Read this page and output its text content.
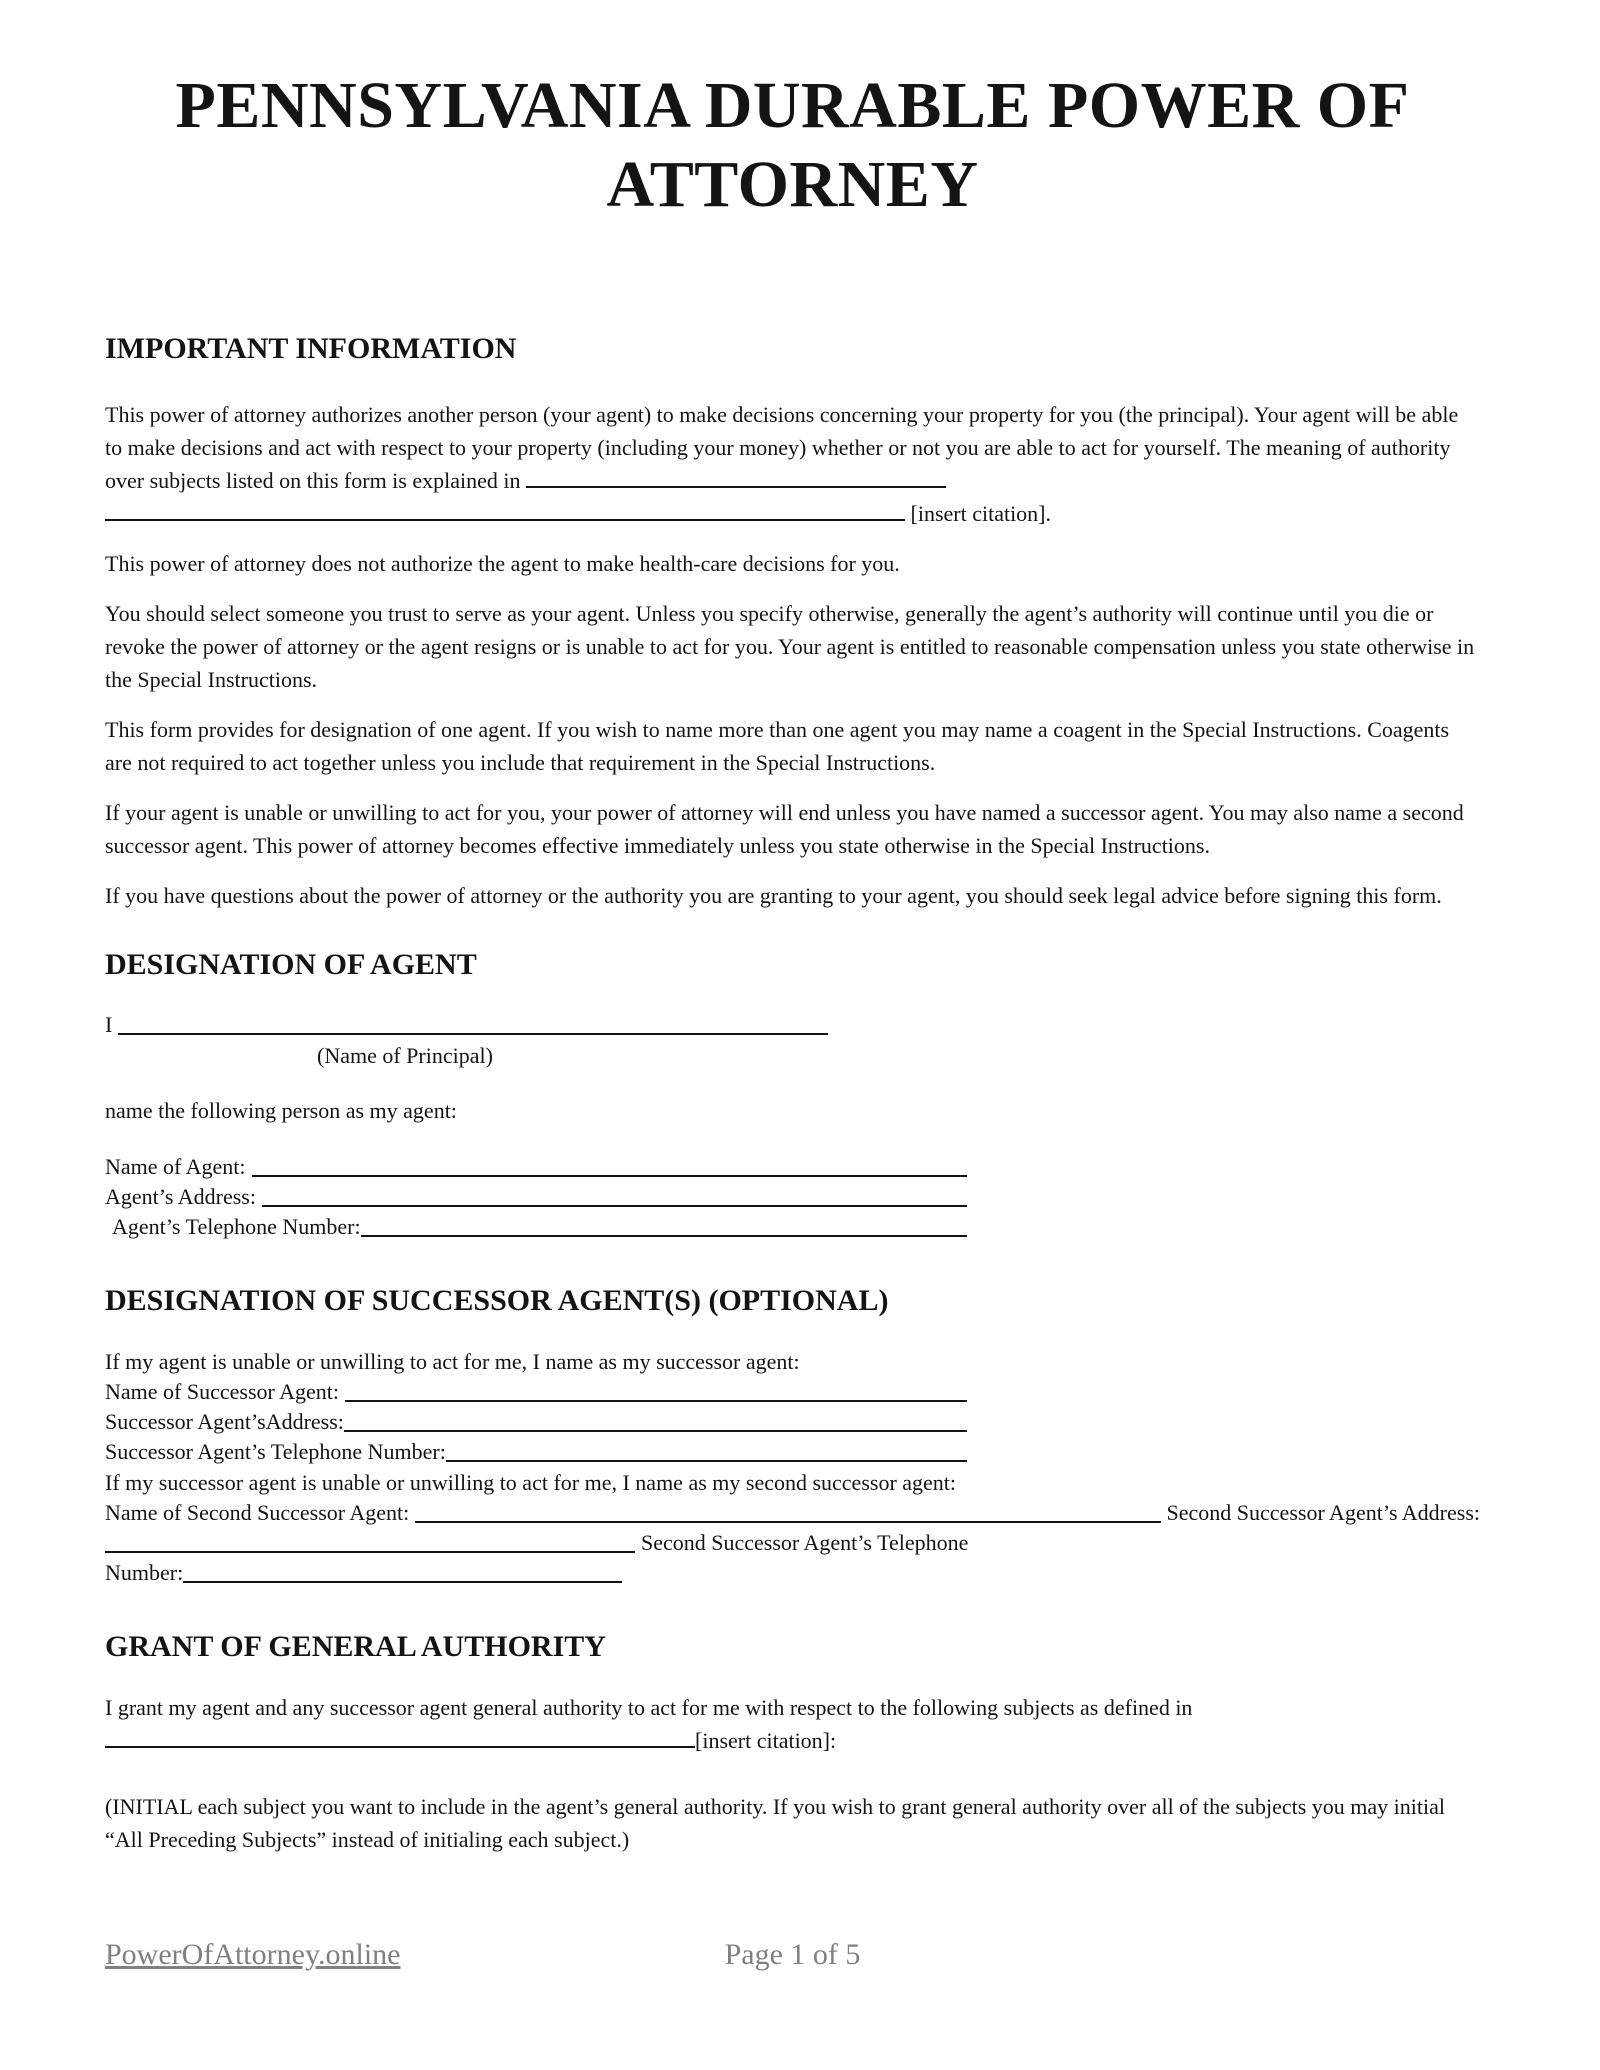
PENNSYLVANIA DURABLE POWER OF ATTORNEY
IMPORTANT INFORMATION

This power of attorney authorizes another person (your agent) to make decisions concerning your property for you (the principal). Your agent will be able to make decisions and act with respect to your property (including your money) whether or not you are able to act for yourself. The meaning of authority over subjects listed on this form is explained in   [insert citation].

This power of attorney does not authorize the agent to make health-care decisions for you.

You should select someone you trust to serve as your agent. Unless you specify otherwise, generally the agent’s authority will continue until you die or revoke the power of attorney or the agent resigns or is unable to act for you. Your agent is entitled to reasonable compensation unless you state otherwise in the Special Instructions.

This form provides for designation of one agent. If you wish to name more than one agent you may name a coagent in the Special Instructions. Coagents are not required to act together unless you include that requirement in the Special Instructions.

If your agent is unable or unwilling to act for you, your power of attorney will end unless you have named a successor agent. You may also name a second successor agent. This power of attorney becomes effective immediately unless you state otherwise in the Special Instructions.

If you have questions about the power of attorney or the authority you are granting to your agent, you should seek legal advice before signing this form.

DESIGNATION OF AGENT
I
(Name of Principal)
name the following person as my agent:
Name of Agent:
Agent’s Address:
Agent’s Telephone Number:
DESIGNATION OF SUCCESSOR AGENT(S) (OPTIONAL)
If my agent is unable or unwilling to act for me, I name as my successor agent:
Name of Successor Agent:
Successor Agent’sAddress:
Successor Agent’s Telephone Number:
If my successor agent is unable or unwilling to act for me, I name as my second successor agent:
Name of Second Successor Agent:	Second Successor Agent’s Address:
Second Successor Agent’s Telephone
Number:
GRANT OF GENERAL AUTHORITY

I grant my agent and any successor agent general authority to act for me with respect to the following subjects as defined in [insert citation]:

(INITIAL each subject you want to include in the agent’s general authority. If you wish to grant general authority over all of the subjects you may initial “All Preceding Subjects” instead of initialing each subject.)

Page 1 of 5
PowerOfAttorney.online
